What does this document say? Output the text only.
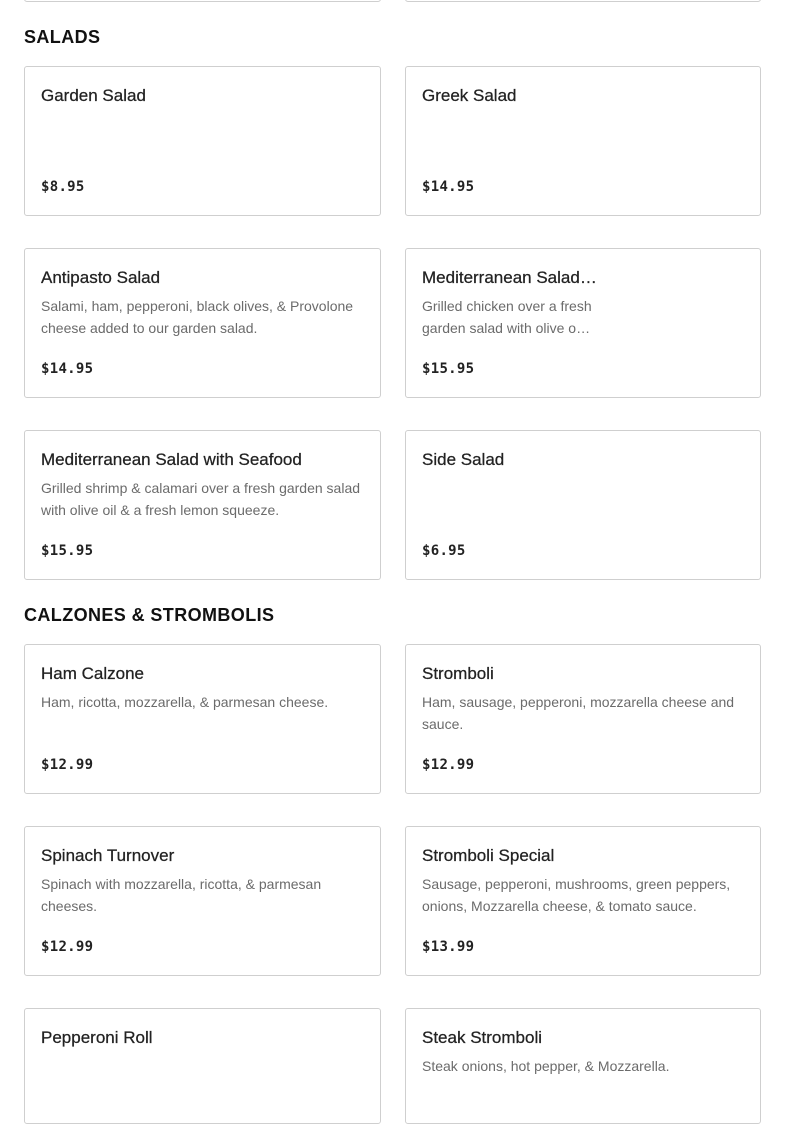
SALADS
Garden Salad
$8.95
Greek Salad
$14.95
Antipasto Salad
Salami, ham, pepperoni, black olives, & Provolone cheese added to our garden salad.
$14.95
Mediterranean Salad…
Grilled chicken over a fresh garden salad with olive o…
$15.95
Mediterranean Salad with Seafood
Grilled shrimp & calamari over a fresh garden salad with olive oil & a fresh lemon squeeze.
$15.95
Side Salad
$6.95
CALZONES & STROMBOLIS
Ham Calzone
Ham, ricotta, mozzarella, & parmesan cheese.
$12.99
Stromboli
Ham, sausage, pepperoni, mozzarella cheese and sauce.
$12.99
Spinach Turnover
Spinach with mozzarella, ricotta, & parmesan cheeses.
$12.99
Stromboli Special
Sausage, pepperoni, mushrooms, green peppers, onions, Mozzarella cheese, & tomato sauce.
$13.99
Pepperoni Roll	Steak Stromboli
Steak onions, hot pepper, & Mozzarella.
